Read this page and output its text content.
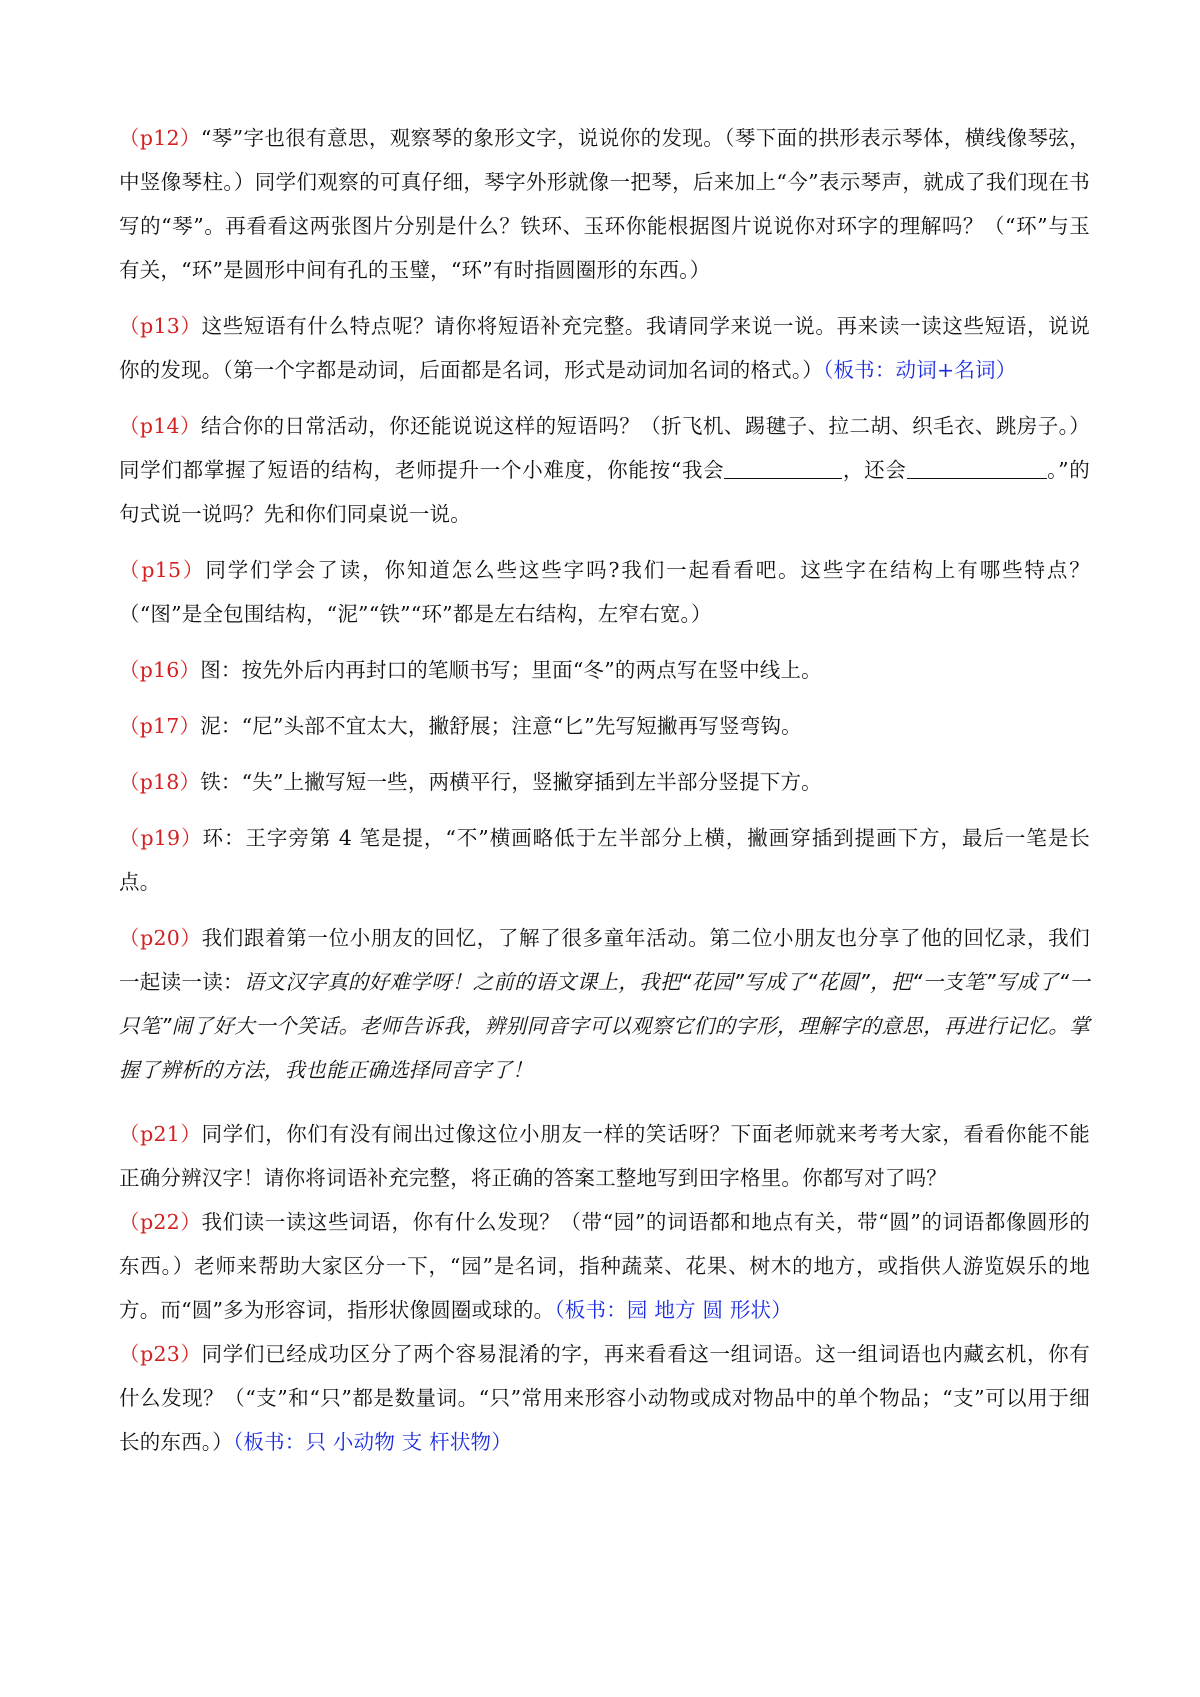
（p12）“琴”字也很有意思，观察琴的象形文字，说说你的发现。（琴下面的拱形表示琴体，横线像琴弦，中竖像琴柱。）同学们观察的可真仔细，琴字外形就像一把琴，后来加上“今”表示琴声，就成了我们现在书写的“琴”。再看看这两张图片分别是什么？铁环、玉环你能根据图片说说你对环字的理解吗？（“环”与玉有关，“环”是圆形中间有孔的玉璧，“环”有时指圆圈形的东西。）

（p13）这些短语有什么特点呢？请你将短语补充完整。我请同学来说一说。再来读一读这些短语，说说你的发现。（第一个字都是动词，后面都是名词，形式是动词加名词的格式。）（板书：动词+名词）

（p14）结合你的日常活动，你还能说说这样的短语吗？（折飞机、踢毽子、拉二胡、织毛衣、跳房子。）同学们都掌握了短语的结构，老师提升一个小难度，你能按“我会	，还会	。”的句式说一说吗？先和你们同桌说一说。

（p15）同学们学会了读，你知道怎么些这些字吗?我们一起看看吧。这些字在结构上有哪些特点？（“图”是全包围结构，“泥”“铁”“环”都是左右结构，左窄右宽。）

（p16）图：按先外后内再封口的笔顺书写；里面“冬”的两点写在竖中线上。

（p17）泥：“尼”头部不宜太大，撇舒展；注意“匕”先写短撇再写竖弯钩。

（p18）铁：“失”上撇写短一些，两横平行，竖撇穿插到左半部分竖提下方。

（p19）环：王字旁第 4 笔是提，“不”横画略低于左半部分上横，撇画穿插到提画下方，最后一笔是长点。

（p20）我们跟着第一位小朋友的回忆，了解了很多童年活动。第二位小朋友也分享了他的回忆录，我们一起读一读：语文汉字真的好难学呀！之前的语文课上，我把“花园”写成了“花圆”，把“一支笔”写成了“一只笔”闹了好大一个笑话。老师告诉我，辨别同音字可以观察它们的字形，理解字的意思，再进行记忆。掌握了辨析的方法，我也能正确选择同音字了！

（p21）同学们，你们有没有闹出过像这位小朋友一样的笑话呀？下面老师就来考考大家，看看你能不能正确分辨汉字！请你将词语补充完整，将正确的答案工整地写到田字格里。你都写对了吗？

（p22）我们读一读这些词语，你有什么发现？（带“园”的词语都和地点有关，带“圆”的词语都像圆形的东西。）老师来帮助大家区分一下，“园”是名词，指种蔬菜、花果、树木的地方，或指供人游览娱乐的地方。而“圆”多为形容词，指形状像圆圈或球的。（板书：园 地方 圆 形状）

（p23）同学们已经成功区分了两个容易混淆的字，再来看看这一组词语。这一组词语也内藏玄机，你有什么发现？（“支”和“只”都是数量词。“只”常用来形容小动物或成对物品中的单个物品；“支”可以用于细长的东西。）（板书：只 小动物 支 杆状物）
